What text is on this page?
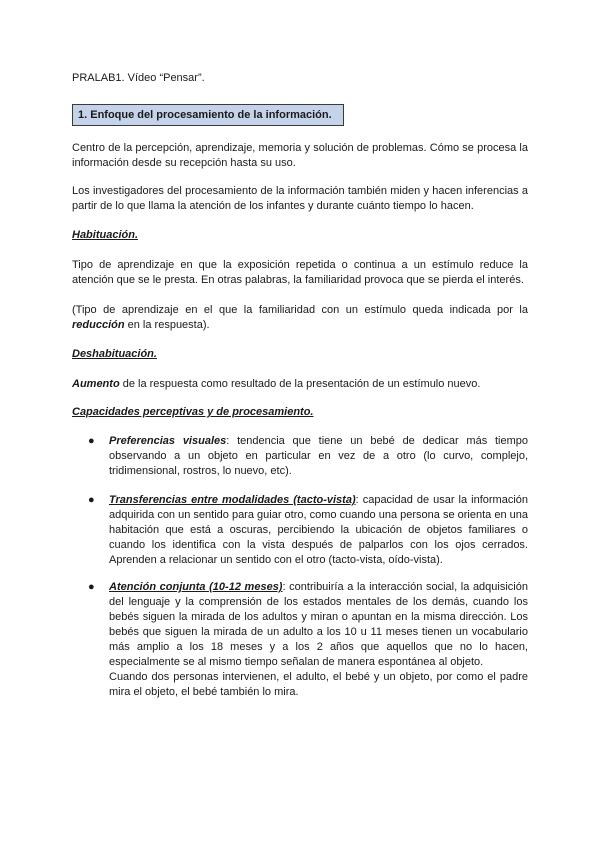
PRALAB1. Vídeo “Pensar”.
1. Enfoque del procesamiento de la información.

Centro de la percepción, aprendizaje, memoria y solución de problemas. Cómo se procesa la información desde su recepción hasta su uso.

Los investigadores del procesamiento de la información también miden y hacen inferencias a partir de lo que llama la atención de los infantes y durante cuánto tiempo lo hacen.

Habituación.

Tipo de aprendizaje en que la exposición repetida o continua a un estímulo reduce la atención que se le presta. En otras palabras, la familiaridad provoca que se pierda el interés.

(Tipo de aprendizaje en el que la familiaridad con un estímulo queda indicada por la reducción en la respuesta).

Deshabituación.

Aumento de la respuesta como resultado de la presentación de un estímulo nuevo.

Capacidades perceptivas y de procesamiento.
● Preferencias visuales: tendencia que tiene un bebé de dedicar más tiempo observando a un objeto en particular en vez de a otro (lo curvo, complejo, tridimensional, rostros, lo nuevo, etc).

● Transferencias entre modalidades (tacto-vista): capacidad de usar la información adquirida con un sentido para guiar otro, como cuando una persona se orienta en una habitación que está a oscuras, percibiendo la ubicación de objetos familiares o cuando los identifica con la vista después de palparlos con los ojos cerrados. Aprenden a relacionar un sentido con el otro (tacto-vista, oído-vista).

● Atención conjunta (10-12 meses): contribuiría a la interacción social, la adquisición del lenguaje y la comprensión de los estados mentales de los demás, cuando los bebés siguen la mirada de los adultos y miran o apuntan en la misma dirección. Los bebés que siguen la mirada de un adulto a los 10 u 11 meses tienen un vocabulario más amplio a los 18 meses y a los 2 años que aquellos que no lo hacen, especialmente se al mismo tiempo señalan de manera espontánea al objeto.

Cuando dos personas intervienen, el adulto, el bebé y un objeto, por como el padre mira el objeto, el bebé también lo mira.
